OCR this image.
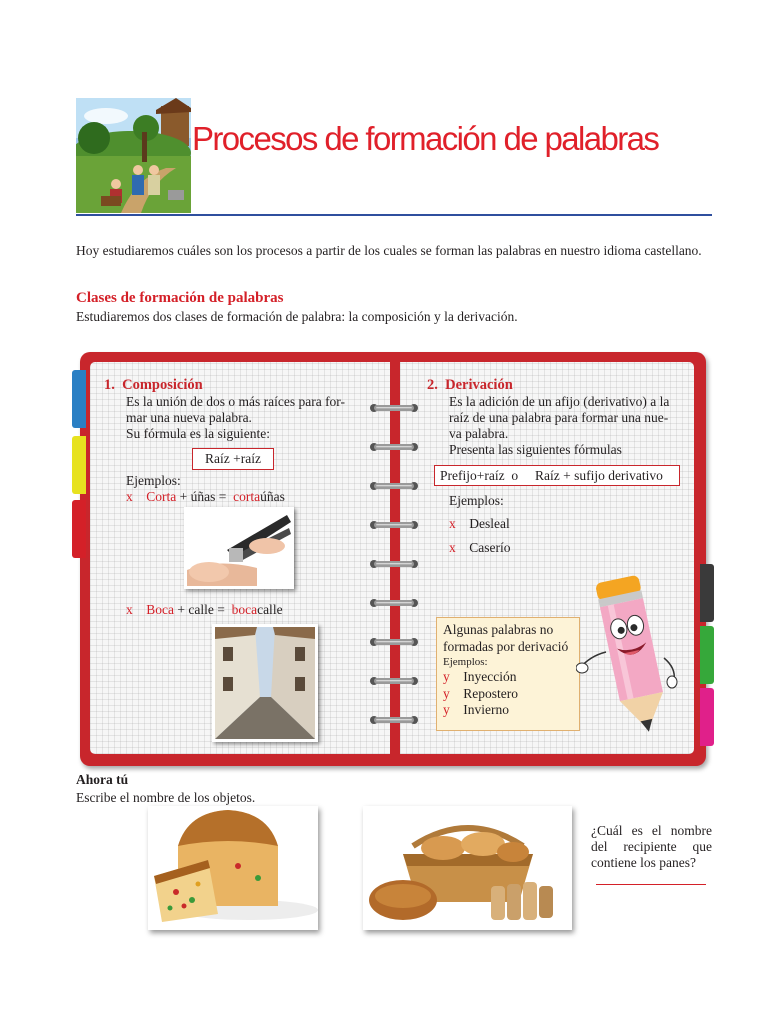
Procesos de formación de palabras
Hoy estudiaremos cuáles son los procesos a partir de los cuales se forman las palabras en nuestro idioma castellano.
Clases de formación de palabras
Estudiaremos dos clases de formación de palabra: la composición y la derivación.
1. Composición
Es la unión de dos o más raíces para for-
mar una nueva palabra.
Su fórmula es la siguiente:
Raíz +raíz
Ejemplos:
x Corta + úñas =  cortaúñas
x Boca + calle =  bocacalle
2. Derivación
Es la adición de un afijo (derivativo) a la
raíz de una palabra para formar una nue-
va palabra.
Presenta las siguientes fórmulas
Prefijo+raíz  o     Raíz + sufijo derivativo
Ejemplos:
x Desleal
x Caserío
Algunas palabras no
formadas por derivació
Ejemplos:
y Inyección
y Repostero
y Invierno
Ahora tú
Escribe el nombre de los objetos.
¿Cuál es el nombre del recipiente que contiene los panes?
